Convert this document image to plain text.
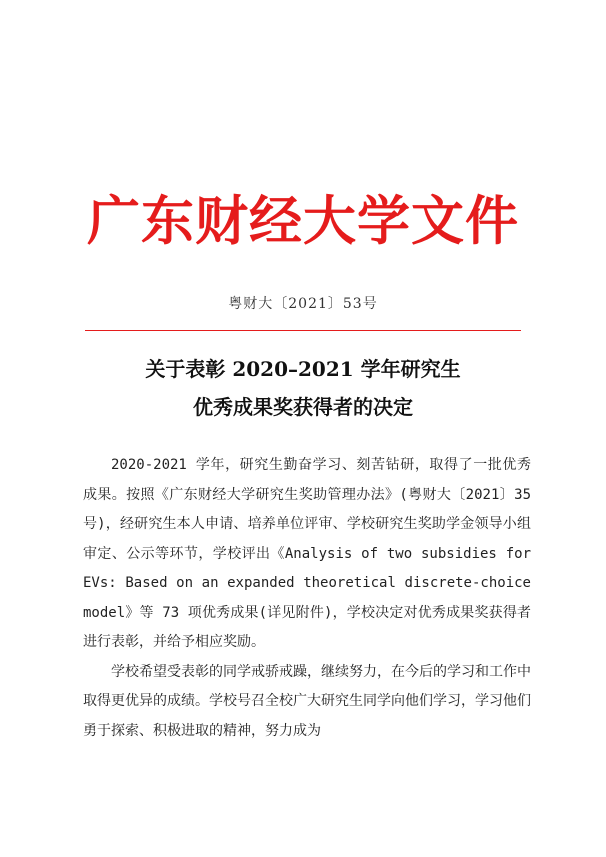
广东财经大学文件
粤财大〔2021〕53号
关于表彰 2020–2021 学年研究生
优秀成果奖获得者的决定

2020-2021 学年，研究生勤奋学习、刻苦钻研，取得了一批优秀成果。按照《广东财经大学研究生奖助管理办法》(粤财大〔2021〕35 号)，经研究生本人申请、培养单位评审、学校研究生奖助学金领导小组审定、公示等环节，学校评出《Analysis of two subsidies for EVs: Based on an expanded theoretical discrete-choice model》等 73 项优秀成果(详见附件)，学校决定对优秀成果奖获得者进行表彰，并给予相应奖励。

学校希望受表彰的同学戒骄戒躁，继续努力，在今后的学习和工作中取得更优异的成绩。学校号召全校广大研究生同学向他们学习，学习他们勇于探索、积极进取的精神，努力成为
